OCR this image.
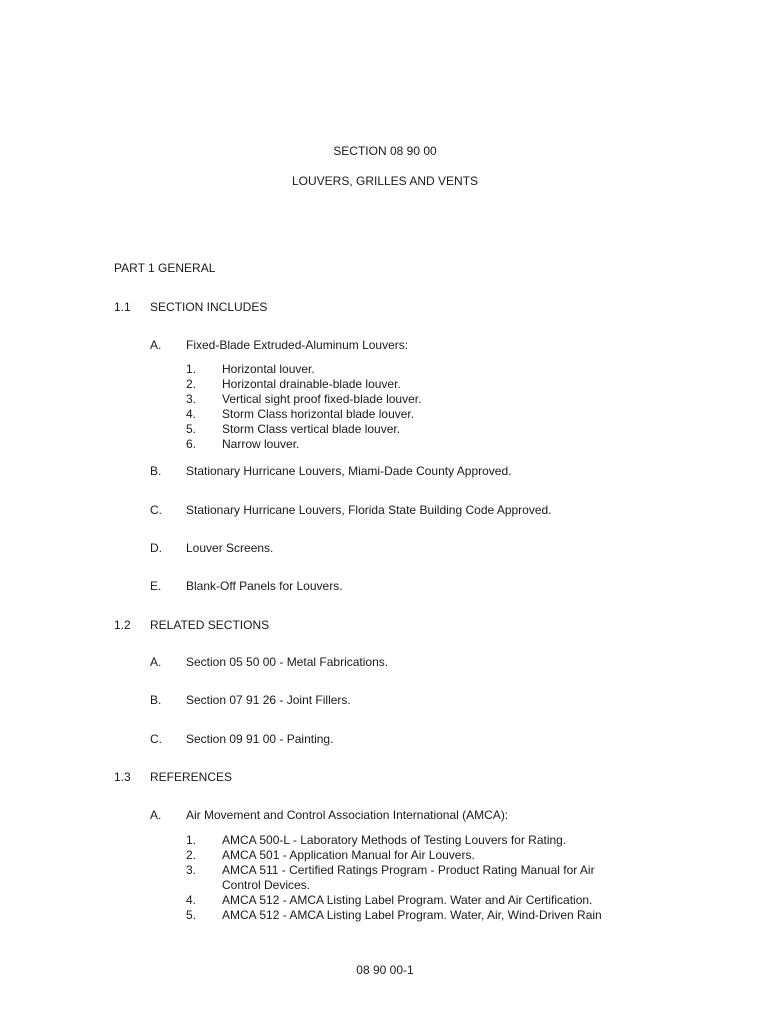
SECTION 08 90 00
LOUVERS, GRILLES AND VENTS
PART 1 GENERAL
1.1 SECTION INCLUDES
A. Fixed-Blade Extruded-Aluminum Louvers:
1. Horizontal louver.
2. Horizontal drainable-blade louver.
3. Vertical sight proof fixed-blade louver.
4. Storm Class horizontal blade louver.
5. Storm Class vertical blade louver.
6. Narrow louver.
B. Stationary Hurricane Louvers, Miami-Dade County Approved.
C. Stationary Hurricane Louvers, Florida State Building Code Approved.
D. Louver Screens.
E. Blank-Off Panels for Louvers.
1.2 RELATED SECTIONS
A. Section 05 50 00 - Metal Fabrications.
B. Section 07 91 26 - Joint Fillers.
C. Section 09 91 00 - Painting.
1.3 REFERENCES
A. Air Movement and Control Association International (AMCA):
1. AMCA 500-L - Laboratory Methods of Testing Louvers for Rating.
2. AMCA 501 - Application Manual for Air Louvers.
3. AMCA 511 - Certified Ratings Program - Product Rating Manual for Air
Control Devices.
4. AMCA 512 - AMCA Listing Label Program. Water and Air Certification.
5. AMCA 512 - AMCA Listing Label Program. Water, Air, Wind-Driven Rain
08 90 00-1
